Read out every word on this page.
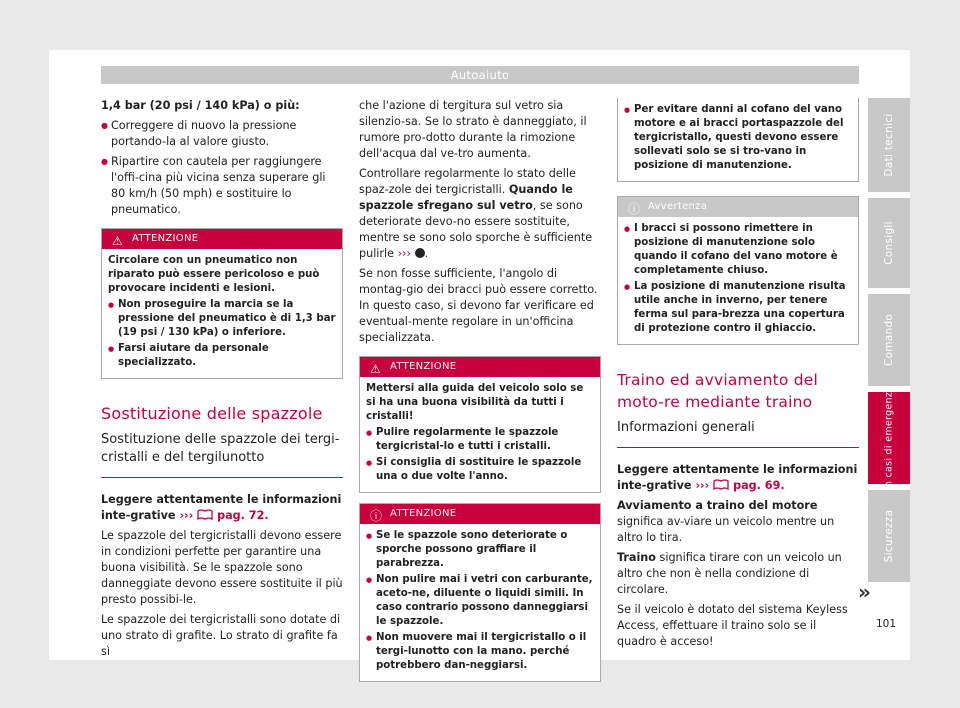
Autoaiuto

1,4 bar (20 psi / 140 kPa) o più:

● Correggere di nuovo la pressione portando-la al valore giusto.

● Ripartire con cautela per raggiungere l'offi-cina più vicina senza superare gli 80 km/h (50 mph) e sostituire lo pneumatico.

⚠ ATTENZIONE

Circolare con un pneumatico non riparato può essere pericoloso e può provocare incidenti e lesioni.

● Non proseguire la marcia se la pressione del pneumatico è di 1,3 bar (19 psi / 130 kPa) o inferiore.

● Farsi aiutare da personale specializzato.

Sostituzione delle spazzole
Sostituzione delle spazzole dei tergi-cristalli e del tergilunotto

Leggere attentamente le informazioni inte-grative ››› pag. 72.

Le spazzole del tergicristalli devono essere in condizioni perfette per garantire una buona visibilità. Se le spazzole sono danneggiate devono essere sostituite il più presto possibi-le.

Le spazzole dei tergicristalli sono dotate di uno strato di grafite. Lo strato di grafite fa sì

che l'azione di tergitura sul vetro sia silenzio-sa. Se lo strato è danneggiato, il rumore pro-dotto durante la rimozione dell'acqua dal ve-tro aumenta.

Controllare regolarmente lo stato delle spaz-zole dei tergicristalli. Quando le spazzole sfregano sul vetro, se sono deteriorate devo-no essere sostituite, mentre se sono solo sporche è sufficiente pulirle ››› .

Se non fosse sufficiente, l'angolo di montag-gio dei bracci può essere corretto. In questo caso, si devono far verificare ed eventual-mente regolare in un'officina specializzata.

⚠ ATTENZIONE

Mettersi alla guida del veicolo solo se si ha una buona visibilità da tutti i cristalli!

● Pulire regolarmente le spazzole tergicristal-lo e tutti i cristalli.

● Si consiglia di sostituire le spazzole una o due volte l'anno.

ⓘ ATTENZIONE

● Se le spazzole sono deteriorate o sporche possono graffiare il parabrezza.

● Non pulire mai i vetri con carburante, aceto-ne, diluente o liquidi simili. In caso contrario possono danneggiarsi le spazzole.

● Non muovere mai il tergicristallo o il tergi-lunotto con la mano. perché potrebbero dan-neggiarsi.

● Per evitare danni al cofano del vano motore e ai bracci portaspazzole del tergicristallo, questi devono essere sollevati solo se si tro-vano in posizione di manutenzione.

ⓘ Avvertenza

● I bracci si possono rimettere in posizione di manutenzione solo quando il cofano del vano motore è completamente chiuso.

● La posizione di manutenzione risulta utile anche in inverno, per tenere ferma sul para-brezza una copertura di protezione contro il ghiaccio.

Traino ed avviamento del moto-re mediante traino
Informazioni generali

Leggere attentamente le informazioni inte-grative ››› pag. 69.

Avviamento a traino del motore significa av-viare un veicolo mentre un altro lo tira.

Traino significa tirare con un veicolo un altro che non è nella condizione di circolare.

Se il veicolo è dotato del sistema Keyless Access, effettuare il traino solo se il quadro è acceso!

Dati tecnici
Consigli
Comando
In casi di emergenza
Sicurezza
»
101
